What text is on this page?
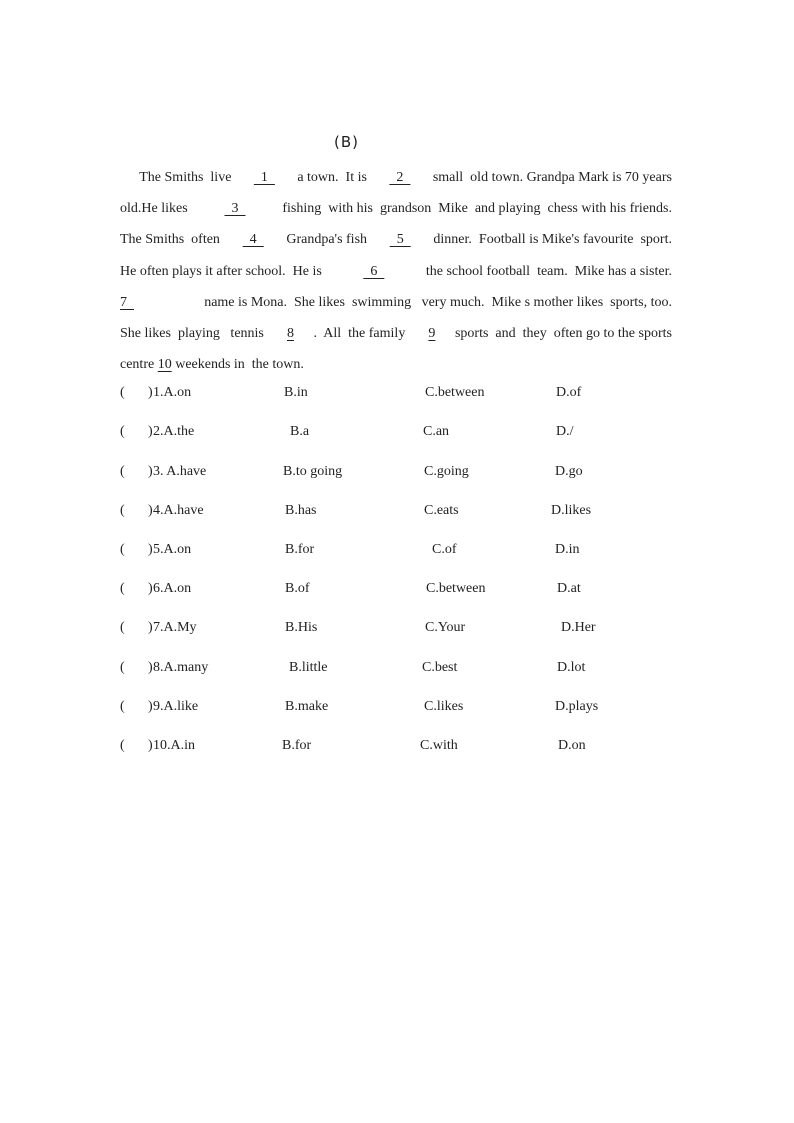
(B)
The Smiths  live 1 a town.  It is 2 small  old town. Grandpa Mark is 70 years
old.He likes 3 fishing  with his  grandson  Mike  and playing  chess with his friends.
The Smiths  often 4 Grandpa's fish 5 dinner.  Football is Mike's favourite  sport.
He often plays it after school.  He is 6 the school football  team.  Mike has a sister.
7	name is Mona.  She likes  swimming   very much.  Mike s mother likes  sports, too.
She likes  playing   tennis 8 .  All  the family 9 sports  and  they  often go to the sports
centre 10 weekends in  the town.
( ) 1.A.on	B.in	C.between	D.of
( ) 2.A.the	B.a	C.an	D./
( ) 3. A.have	B.to going	C.going	D.go
( ) 4.A.have	B.has	C.eats	D.likes
( ) 5.A.on	B.for	C.of	D.in
( ) 6.A.on	B.of	C.between	D.at
( ) 7.A.My	B.His	C.Your	D.Her
( ) 8.A.many	B.little	C.best	D.lot
( ) 9.A.like	B.make	C.likes	D.plays
( ) 10.A.in	B.for	C.with	D.on
